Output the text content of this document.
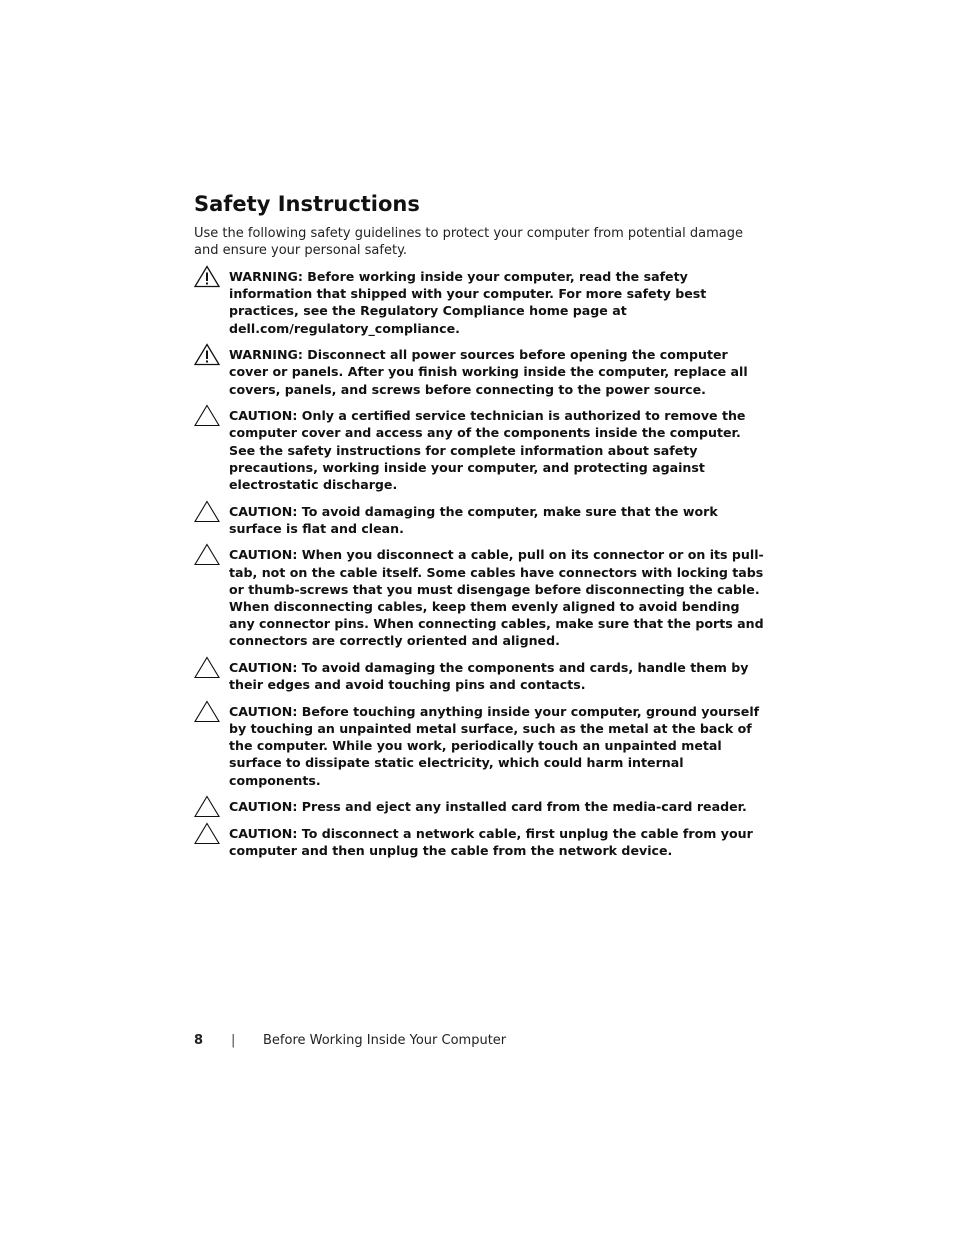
Safety Instructions

Use the following safety guidelines to protect your computer from potential damage and ensure your personal safety.

WARNING: Before working inside your computer, read the safety information that shipped with your computer. For more safety best practices, see the Regulatory Compliance home page at dell.com/regulatory_compliance.

WARNING: Disconnect all power sources before opening the computer cover or panels. After you finish working inside the computer, replace all covers, panels, and screws before connecting to the power source.

CAUTION: Only a certified service technician is authorized to remove the computer cover and access any of the components inside the computer. See the safety instructions for complete information about safety precautions, working inside your computer, and protecting against electrostatic discharge.

CAUTION: To avoid damaging the computer, make sure that the work surface is flat and clean.

CAUTION: When you disconnect a cable, pull on its connector or on its pull-tab, not on the cable itself. Some cables have connectors with locking tabs or thumb-screws that you must disengage before disconnecting the cable. When disconnecting cables, keep them evenly aligned to avoid bending any connector pins. When connecting cables, make sure that the ports and connectors are correctly oriented and aligned.

CAUTION: To avoid damaging the components and cards, handle them by their edges and avoid touching pins and contacts.

CAUTION: Before touching anything inside your computer, ground yourself by touching an unpainted metal surface, such as the metal at the back of the computer. While you work, periodically touch an unpainted metal surface to dissipate static electricity, which could harm internal components.

CAUTION: Press and eject any installed card from the media-card reader.

CAUTION: To disconnect a network cable, first unplug the cable from your computer and then unplug the cable from the network device.

8 | Before Working Inside Your Computer
